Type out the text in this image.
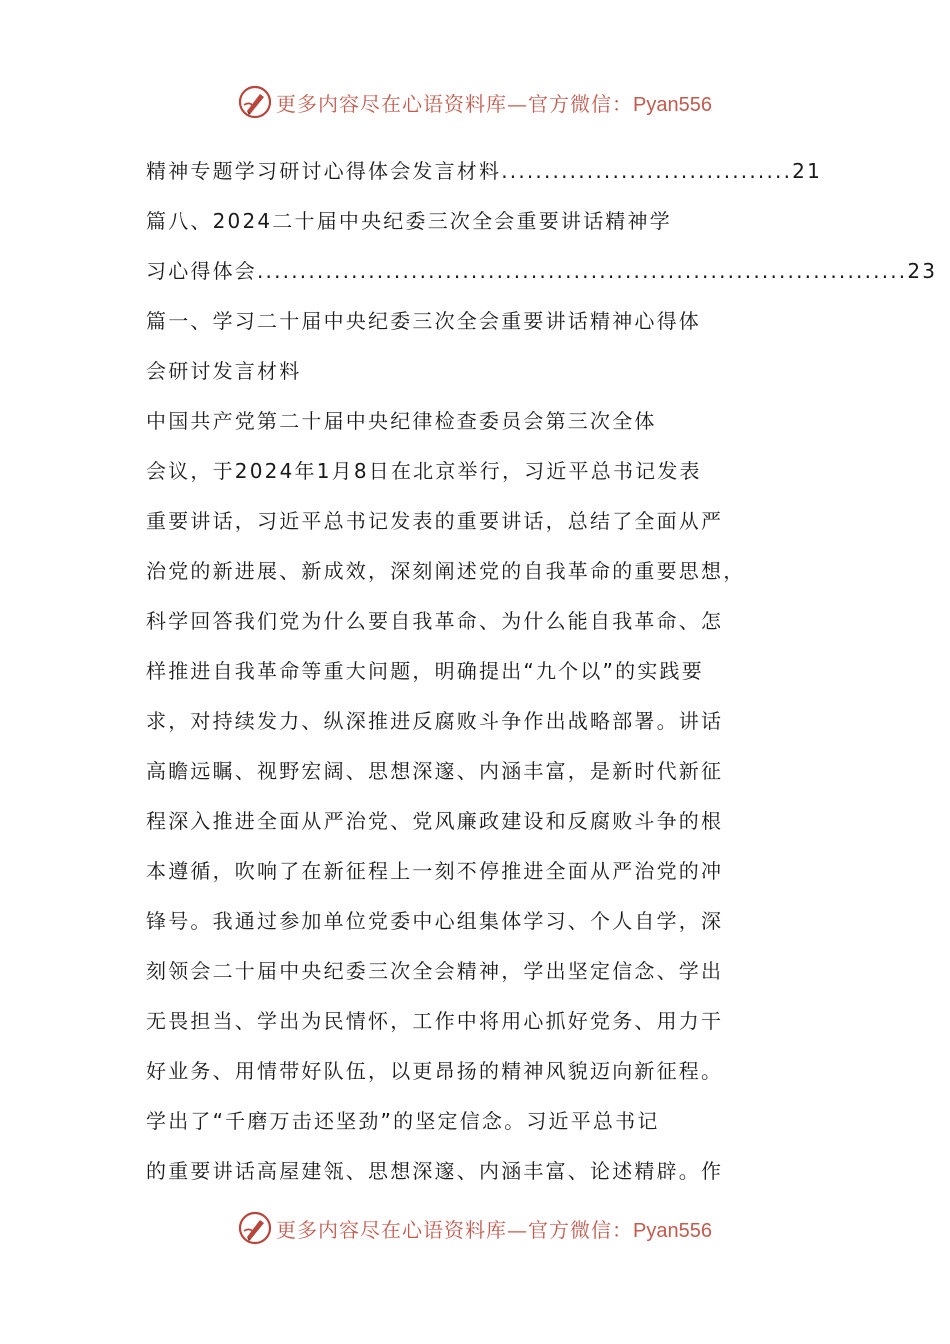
更多内容尽在心语资料库—官方微信：Pyan556
精神专题学习研讨心得体会发言材料..................................21
篇八、2024二十届中央纪委三次全会重要讲话精神学
习心得体会............................................................................23
篇一、学习二十届中央纪委三次全会重要讲话精神心得体
会研讨发言材料
中国共产党第二十届中央纪律检查委员会第三次全体
会议，于2024年1月8日在北京举行，习近平总书记发表
重要讲话，习近平总书记发表的重要讲话，总结了全面从严
治党的新进展、新成效，深刻阐述党的自我革命的重要思想，
科学回答我们党为什么要自我革命、为什么能自我革命、怎
样推进自我革命等重大问题，明确提出“九个以”的实践要
求，对持续发力、纵深推进反腐败斗争作出战略部署。讲话
高瞻远瞩、视野宏阔、思想深邃、内涵丰富，是新时代新征
程深入推进全面从严治党、党风廉政建设和反腐败斗争的根
本遵循，吹响了在新征程上一刻不停推进全面从严治党的冲
锋号。我通过参加单位党委中心组集体学习、个人自学，深
刻领会二十届中央纪委三次全会精神，学出坚定信念、学出
无畏担当、学出为民情怀，工作中将用心抓好党务、用力干
好业务、用情带好队伍，以更昂扬的精神风貌迈向新征程。
学出了“千磨万击还坚劲”的坚定信念。习近平总书记
的重要讲话高屋建瓴、思想深邃、内涵丰富、论述精辟。作
更多内容尽在心语资料库—官方微信：Pyan556
